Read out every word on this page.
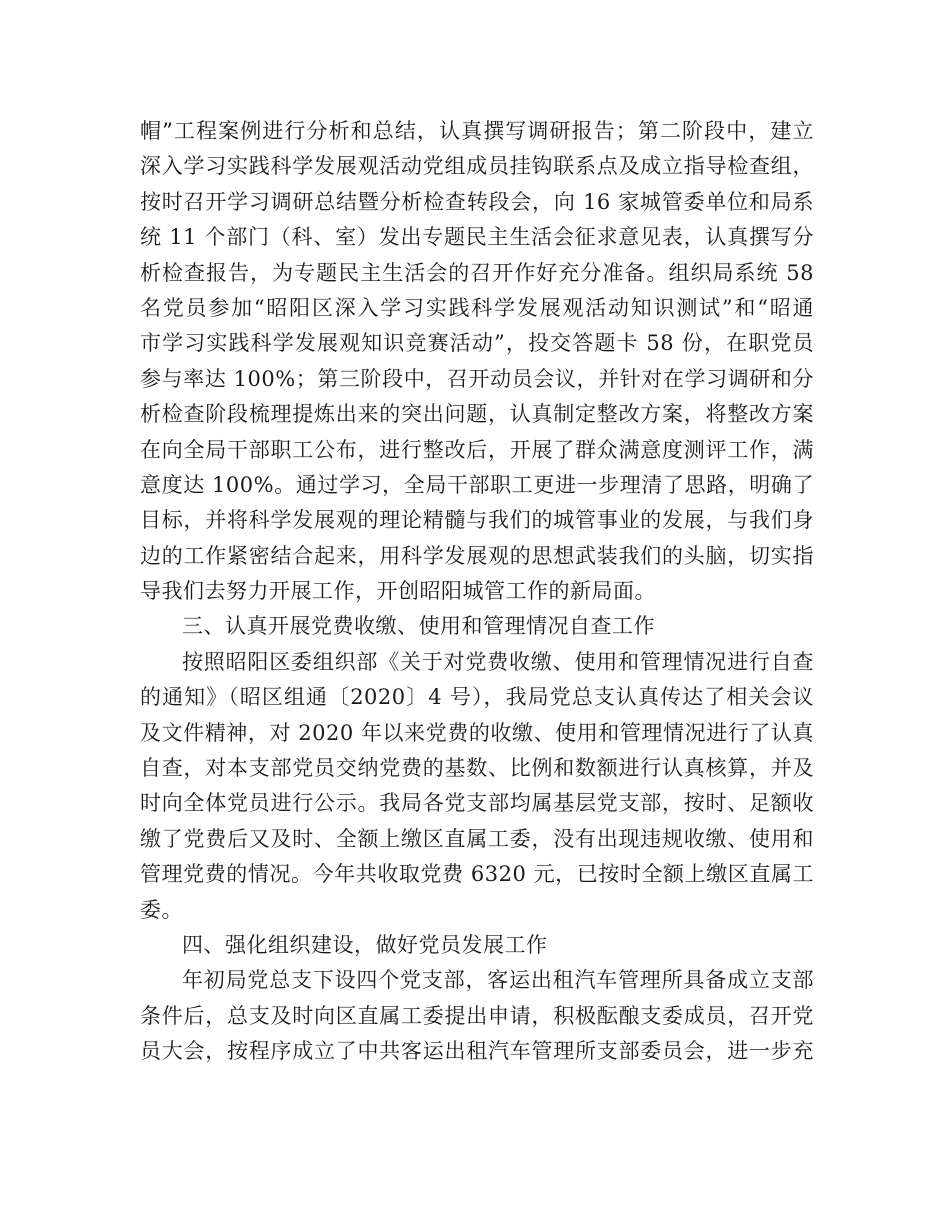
帽”工程案例进行分析和总结，认真撰写调研报告；第二阶段中，建立
深入学习实践科学发展观活动党组成员挂钩联系点及成立指导检查组，
按时召开学习调研总结暨分析检查转段会，向 16 家城管委单位和局系
统 11 个部门（科、室）发出专题民主生活会征求意见表，认真撰写分
析检查报告，为专题民主生活会的召开作好充分准备。组织局系统 58
名党员参加“昭阳区深入学习实践科学发展观活动知识测试”和“昭通
市学习实践科学发展观知识竞赛活动”，投交答题卡 58 份，在职党员
参与率达 100%；第三阶段中，召开动员会议，并针对在学习调研和分
析检查阶段梳理提炼出来的突出问题，认真制定整改方案，将整改方案
在向全局干部职工公布，进行整改后，开展了群众满意度测评工作，满
意度达 100%。通过学习，全局干部职工更进一步理清了思路，明确了
目标，并将科学发展观的理论精髓与我们的城管事业的发展，与我们身
边的工作紧密结合起来，用科学发展观的思想武装我们的头脑，切实指
导我们去努力开展工作，开创昭阳城管工作的新局面。
三、认真开展党费收缴、使用和管理情况自查工作
按照昭阳区委组织部《关于对党费收缴、使用和管理情况进行自查
的通知》（昭区组通〔2020〕4 号），我局党总支认真传达了相关会议
及文件精神，对 2020 年以来党费的收缴、使用和管理情况进行了认真
自查，对本支部党员交纳党费的基数、比例和数额进行认真核算，并及
时向全体党员进行公示。我局各党支部均属基层党支部，按时、足额收
缴了党费后又及时、全额上缴区直属工委，没有出现违规收缴、使用和
管理党费的情况。今年共收取党费 6320 元，已按时全额上缴区直属工
委。
四、强化组织建设，做好党员发展工作
年初局党总支下设四个党支部，客运出租汽车管理所具备成立支部
条件后，总支及时向区直属工委提出申请，积极酝酿支委成员，召开党
员大会，按程序成立了中共客运出租汽车管理所支部委员会，进一步充
